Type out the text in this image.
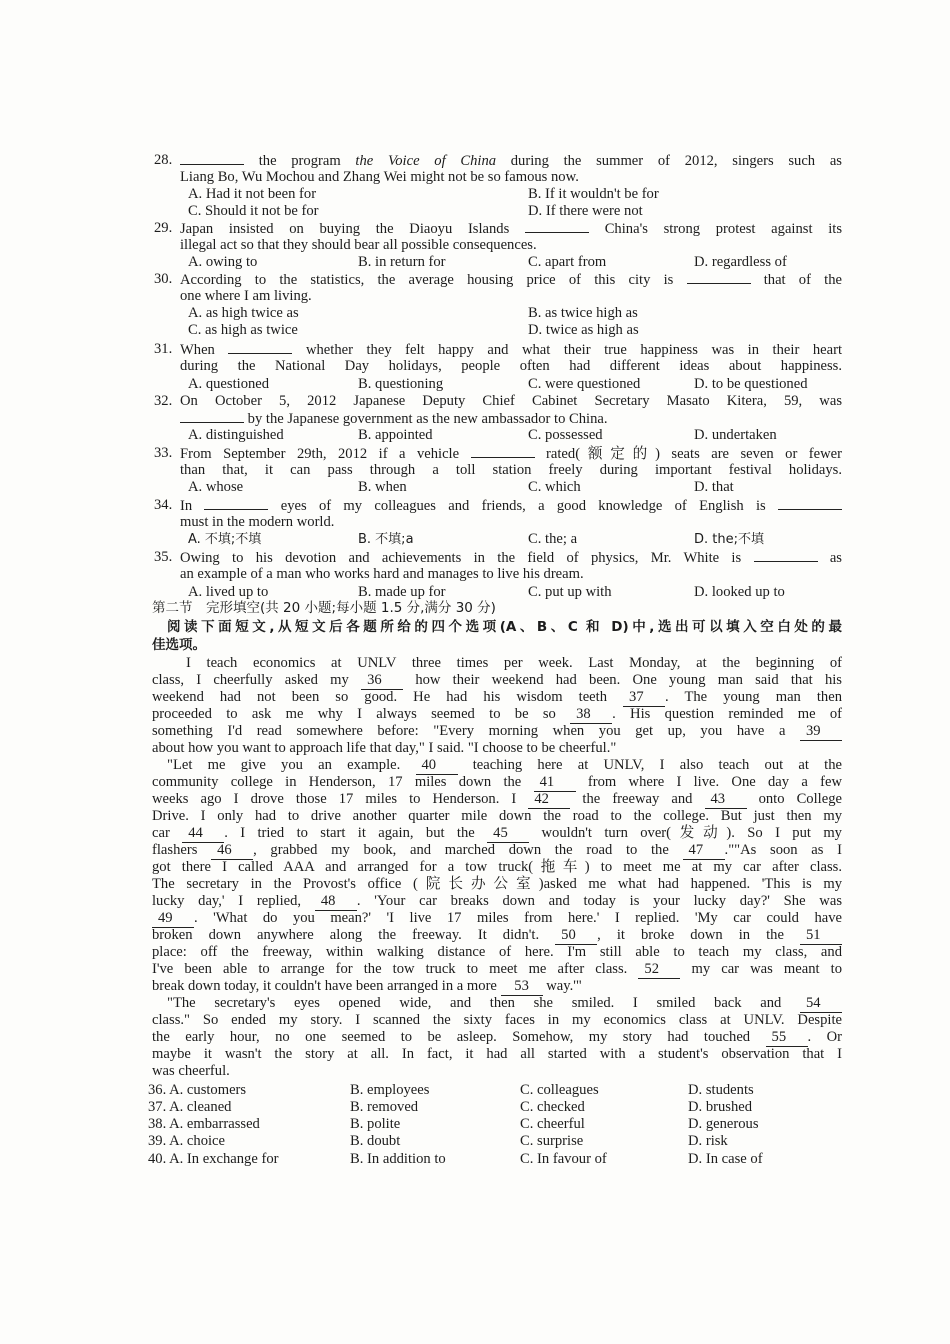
28.	the program the Voice of China during the summer of 2012, singers such as
Liang Bo, Wu Mochou and Zhang Wei might not be so famous now.
A. Had it not been for	B. If it wouldn't be for
C. Should it not be for	D. If there were not
29. Japan insisted on buying the Diaoyu Islands	China's strong protest against its
illegal act so that they should bear all possible consequences.
A. owing to	B. in return for	C. apart from	D. regardless of
30. According to the statistics, the average housing price of this city is	that of the
one where I am living.
A. as high twice as	B. as twice high as
C. as high as twice	D. twice as high as
31. When	whether they felt happy and what their true happiness was in their heart
during the National Day holidays, people often had different ideas about happiness.
A. questioned	B. questioning	C. were questioned	D. to be questioned
32. On October 5, 2012 Japanese Deputy Chief Cabinet Secretary Masato Kitera, 59, was
by the Japanese government as the new ambassador to China.
A. distinguished	B. appointed	C. possessed	D. undertaken
33. From September 29th, 2012 if a vehicle	rated(额定的) seats are seven or fewer
than that, it can pass through a toll station freely during important festival holidays.
A. whose	B. when	C. which	D. that
34. In	eyes of my colleagues and friends, a good knowledge of English is
must in the modern world.
A. 不填;不填	B. 不填;a	C. the; a	D. the;不填
35. Owing to his devotion and achievements in the field of physics, Mr. White is	as
an example of a man who works hard and manages to live his dream.
A. lived up to	B. made up for	C. put up with	D. looked up to
第二节　完形填空(共 20 小题;每小题 1.5 分,满分 30 分)
阅读下面短文,从短文后各题所给的四个选项(A、B、C 和 D)中,选出可以填入空白处的最
佳选项。
I teach economics at UNLV three times per week. Last Monday, at the beginning of
class, I cheerfully asked my 36 how their weekend had been. One young man said that his
weekend had not been so good. He had his wisdom teeth 37 . The young man then
proceeded to ask me why I always seemed to be so 38 . His question reminded me of
something I'd read somewhere before: "Every morning when you get up, you have a 39
about how you want to approach life that day," I said. "I choose to be cheerful."
"Let me give you an example. 40	teaching here at UNLV, I also teach out at the
community college in Henderson, 17 miles down the 41 from where I live. One day a few
weeks ago I drove those 17 miles to Henderson. I 42 the freeway and 43 onto College
Drive. I only had to drive another quarter mile down the road to the college. But just then my
car 44 . I tried to start it again, but the 45 wouldn't turn over(发动). So I put my
flashers 46 , grabbed my book, and marched down the road to the 47 .""As soon as I
got there I called AAA and arranged for a tow truck(拖车) to meet me at my car after class.
The secretary in the Provost's office (院长办公室)asked me what had happened. 'This is my
lucky day,' I replied, 48 . 'Your car breaks down and today is your lucky day?' She was
49 . 'What do you mean?' 'I live 17 miles from here.' I replied. 'My car could have
broken down anywhere along the freeway. It didn't. 50 , it broke down in the 51
place: off the freeway, within walking distance of here. I'm still able to teach my class, and
I've been able to arrange for the tow truck to meet me after class. 52 my car was meant to
break down today, it couldn't have been arranged in a more 53 way.'"
"The secretary's eyes opened wide, and then she smiled. I smiled back and 54
class." So ended my story. I scanned the sixty faces in my economics class at UNLV. Despite
the early hour, no one seemed to be asleep. Somehow, my story had touched 55 . Or
maybe it wasn't the story at all. In fact, it had all started with a student's observation that I
was cheerful.
36. A. customers	B. employees	C. colleagues	D. students
37. A. cleaned	B. removed	C. checked	D. brushed
38. A. embarrassed	B. polite	C. cheerful	D. generous
39. A. choice	B. doubt	C. surprise	D. risk
40. A. In exchange for	B. In addition to	C. In favour of	D. In case of
